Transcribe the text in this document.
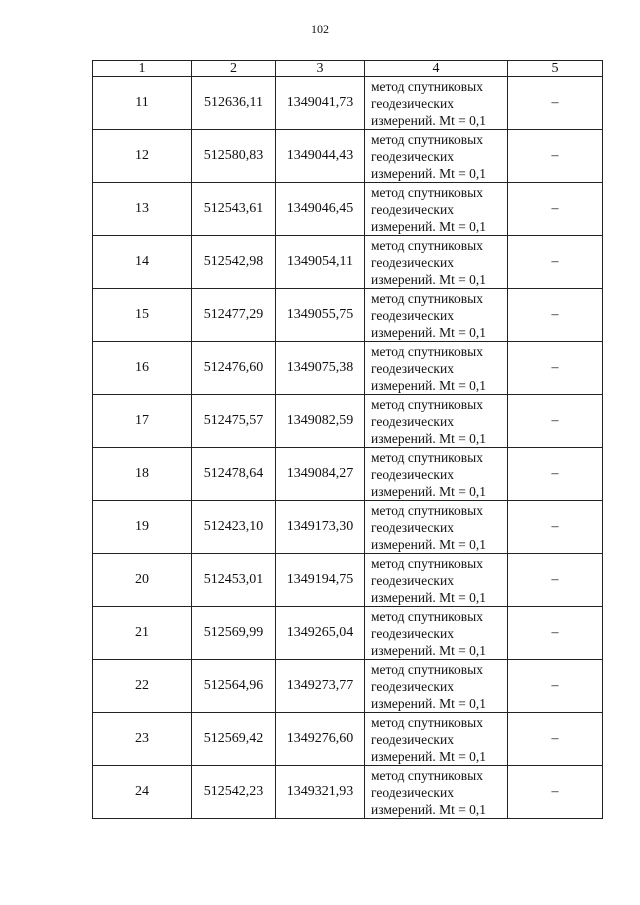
102
1	2	3	4	5
11	512636,11	1349041,73	метод спутниковых
геодезических
измерений. Mt = 0,1	–
12	512580,83	1349044,43	метод спутниковых
геодезических
измерений. Mt = 0,1	–
13	512543,61	1349046,45	метод спутниковых
геодезических
измерений. Mt = 0,1	–
14	512542,98	1349054,11	метод спутниковых
геодезических
измерений. Mt = 0,1	–
15	512477,29	1349055,75	метод спутниковых
геодезических
измерений. Mt = 0,1	–
16	512476,60	1349075,38	метод спутниковых
геодезических
измерений. Mt = 0,1	–
17	512475,57	1349082,59	метод спутниковых
геодезических
измерений. Mt = 0,1	–
18	512478,64	1349084,27	метод спутниковых
геодезических
измерений. Mt = 0,1	–
19	512423,10	1349173,30	метод спутниковых
геодезических
измерений. Mt = 0,1	–
20	512453,01	1349194,75	метод спутниковых
геодезических
измерений. Mt = 0,1	–
21	512569,99	1349265,04	метод спутниковых
геодезических
измерений. Mt = 0,1	–
22	512564,96	1349273,77	метод спутниковых
геодезических
измерений. Mt = 0,1	–
23	512569,42	1349276,60	метод спутниковых
геодезических
измерений. Mt = 0,1	–
24	512542,23	1349321,93	метод спутниковых
геодезических
измерений. Mt = 0,1	–
